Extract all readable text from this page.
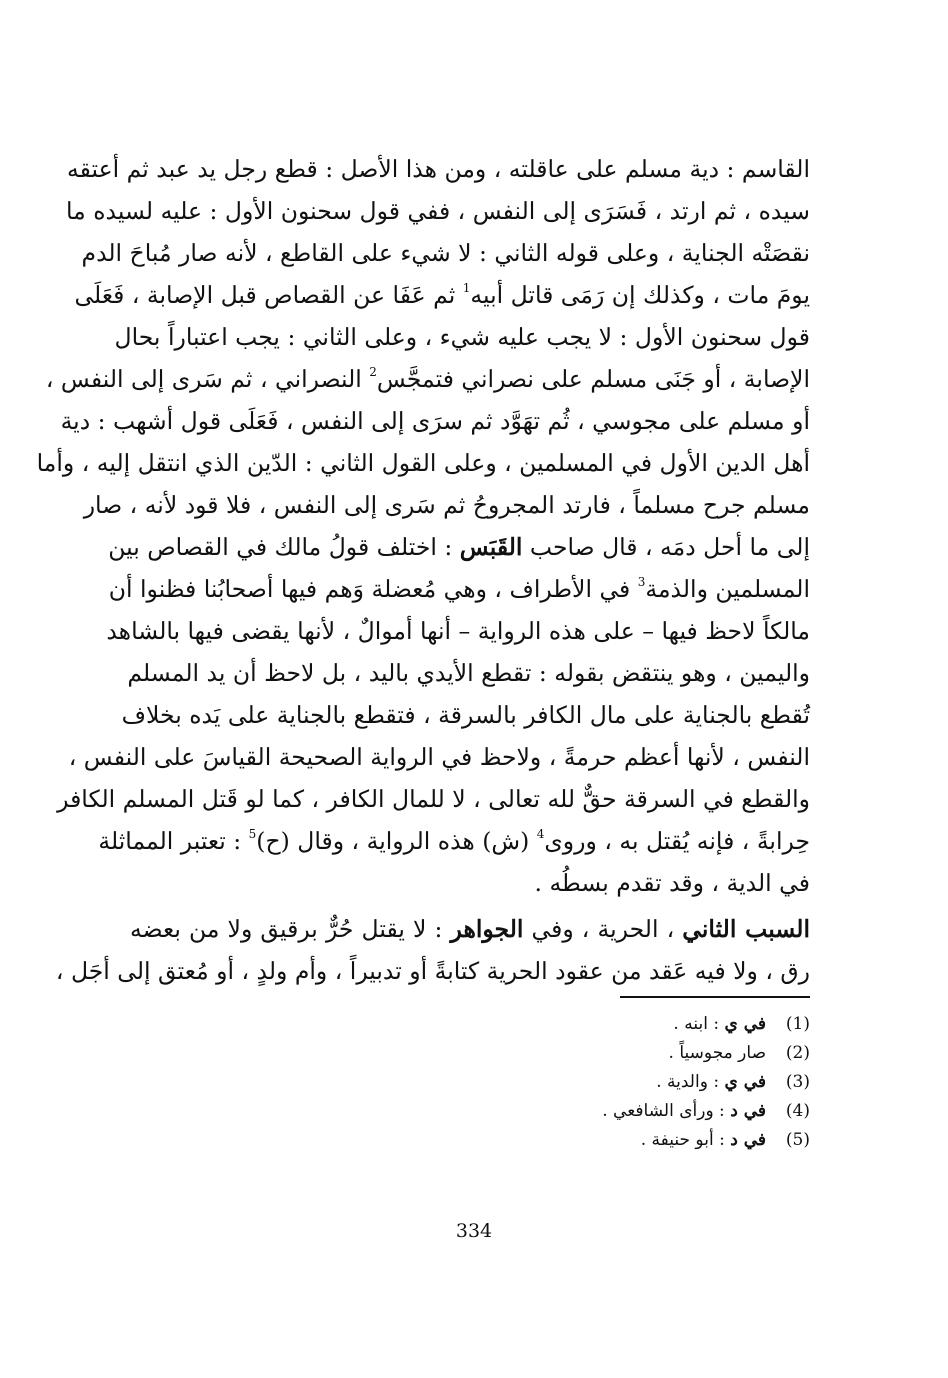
القاسم : دية مسلم على عاقلته ، ومن هذا الأصل : قطع رجل يد عبد ثم أعتقه
سيده ، ثم ارتد ، فَسَرَى إلى النفس ، ففي قول سحنون الأول : عليه لسيده ما
نقصَتْه الجناية ، وعلى قوله الثاني : لا شيء على القاطع ، لأنه صار مُباحَ الدم
يومَ مات ، وكذلك إن رَمَى قاتل أبيه$^1$ ثم عَفَا عن القصاص قبل الإصابة ، فَعَلَى
قول سحنون الأول : لا يجب عليه شيء ، وعلى الثاني : يجب اعتباراً بحال
الإصابة ، أو جَنَى مسلم على نصراني فتمجَّس$^2$ النصراني ، ثم سَرى إلى النفس ،
أو مسلم على مجوسي ، ثُم تهَوَّد ثم سرَى إلى النفس ، فَعَلَى قول أشهب : دية
أهل الدين الأول في المسلمين ، وعلى القول الثاني : الدّين الذي انتقل إليه ، وأما
مسلم جرح مسلماً ، فارتد المجروحُ ثم سَرى إلى النفس ، فلا قود لأنه ، صار
إلى ما أحل دمَه ، قال صاحب القَبَس : اختلف قولُ مالك في القصاص بين
المسلمين والذمة$^3$ في الأطراف ، وهي مُعضلة وَهم فيها أصحابُنا فظنوا أن
مالكاً لاحظ فيها – على هذه الرواية – أنها أموالٌ ، لأنها يقضى فيها بالشاهد
واليمين ، وهو ينتقض بقوله : تقطع الأيدي باليد ، بل لاحظ أن يد المسلم
تُقطع بالجناية على مال الكافر بالسرقة ، فتقطع بالجناية على يَده بخلاف
النفس ، لأنها أعظم حرمةً ، ولاحظ في الرواية الصحيحة القياسَ على النفس ،
والقطع في السرقة حقٌّ لله تعالى ، لا للمال الكافر ، كما لو قَتل المسلم الكافر
حِرابةً ، فإنه يُقتل به ، وروى$^4$ (ش) هذه الرواية ، وقال (ح)$^5$ : تعتبر المماثلة
في الدية ، وقد تقدم بسطُه .

السبب الثاني ، الحرية ، وفي الجواهر : لا يقتل حُرٌّ برقيق ولا من بعضه
رق ، ولا فيه عَقد من عقود الحرية كتابةً أو تدبيراً ، وأم ولدٍ ، أو مُعتق إلى أجَل ،

(1)
في ي : ابنه .
(2)
صار مجوسياً .
(3)
في ي : والدية .
(4)
في د : ورأى الشافعي .
(5)
في د : أبو حنيفة .
334
